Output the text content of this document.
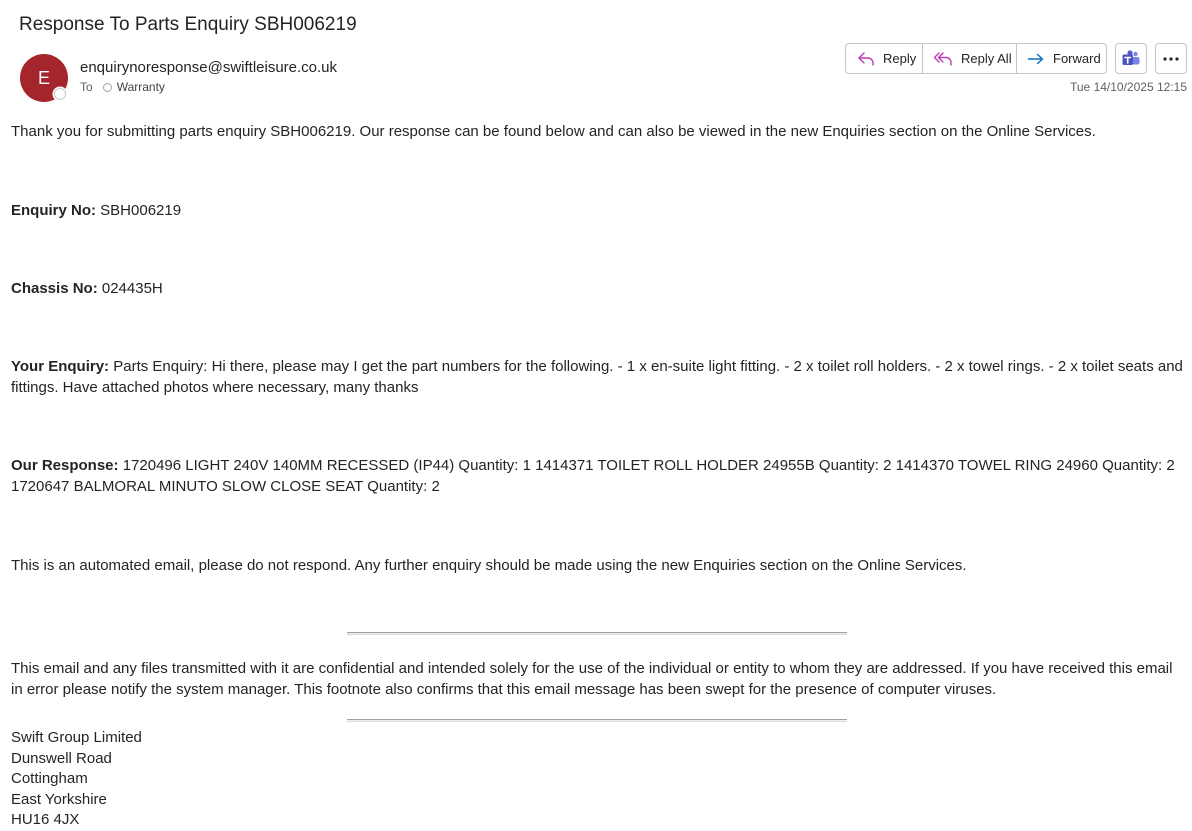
Response To Parts Enquiry SBH006219
E enquirynoresponse@swiftleisure.co.uk
To Warranty
Reply	Reply All	Forward
Tue 14/10/2025 12:15
Thank you for submitting parts enquiry SBH006219. Our response can be found below and can also be viewed in the new Enquiries section on the Online Services.
Enquiry No: SBH006219
Chassis No: 024435H
Your Enquiry: Parts Enquiry: Hi there, please may I get the part numbers for the following. - 1 x en-suite light fitting. - 2 x toilet roll holders. - 2 x towel rings. - 2 x toilet seats and fittings. Have attached photos where necessary, many thanks
Our Response: 1720496 LIGHT 240V 140MM RECESSED (IP44) Quantity: 1 1414371 TOILET ROLL HOLDER 24955B Quantity: 2 1414370 TOWEL RING 24960 Quantity: 2 1720647 BALMORAL MINUTO SLOW CLOSE SEAT Quantity: 2
This is an automated email, please do not respond. Any further enquiry should be made using the new Enquiries section on the Online Services.
This email and any files transmitted with it are confidential and intended solely for the use of the individual or entity to whom they are addressed. If you have received this email in error please notify the system manager. This footnote also confirms that this email message has been swept for the presence of computer viruses.
Swift Group Limited
Dunswell Road
Cottingham
East Yorkshire
HU16 4JX
